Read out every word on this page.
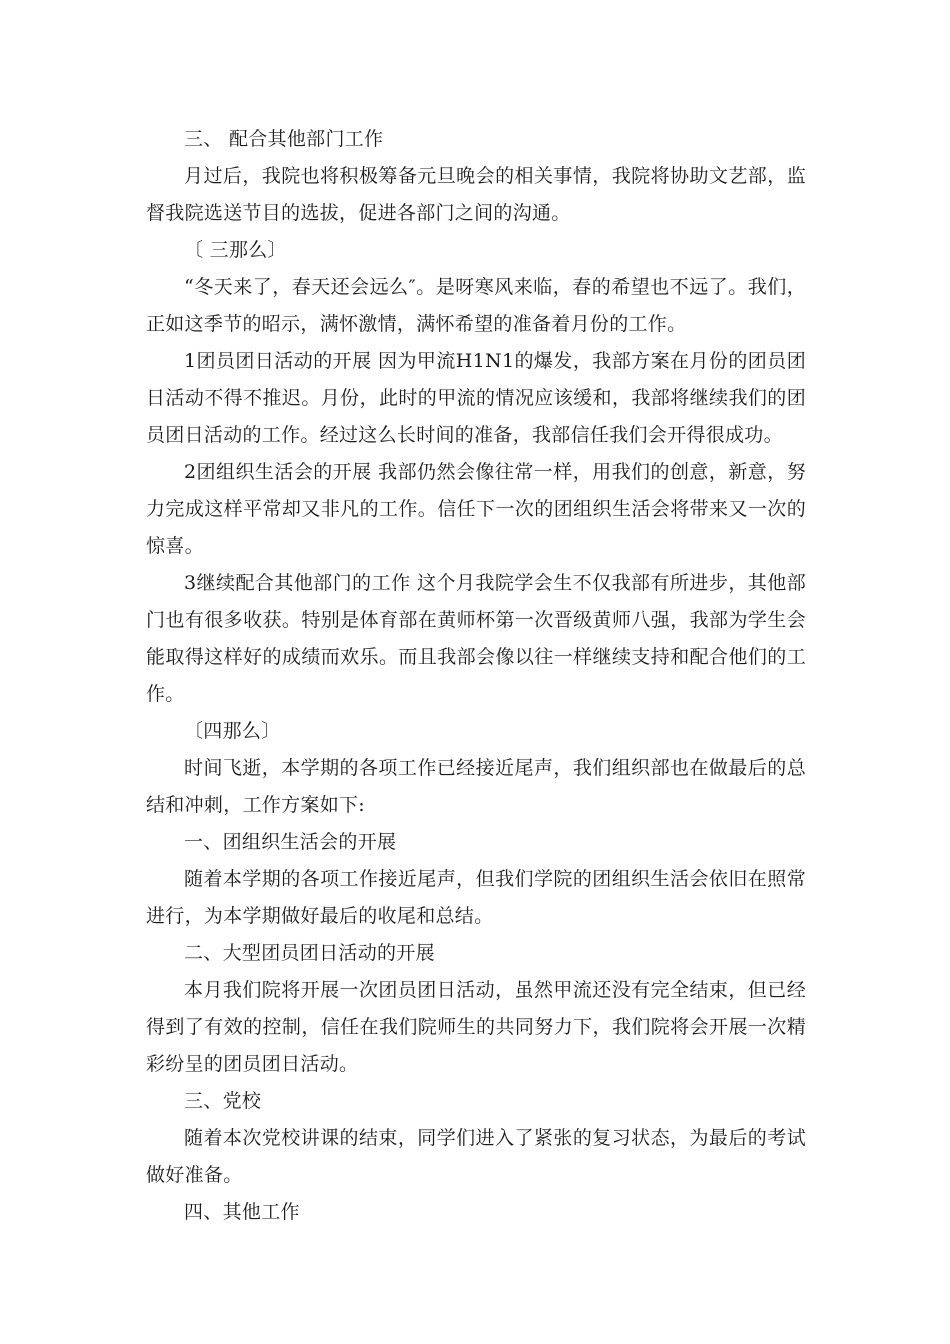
三、 配合其他部门工作

月过后，我院也将积极筹备元旦晚会的相关事情，我院将协助文艺部，监督我院选送节目的选拔，促进各部门之间的沟通。

〔 三那么〕

“冬天来了，春天还会远么″。是呀寒风来临，春的希望也不远了。我们，正如这季节的昭示，满怀激情，满怀希望的准备着月份的工作。

1团员团日活动的开展 因为甲流H1N1的爆发，我部方案在月份的团员团日活动不得不推迟。月份，此时的甲流的情况应该缓和，我部将继续我们的团员团日活动的工作。经过这么长时间的准备，我部信任我们会开得很成功。

2团组织生活会的开展 我部仍然会像往常一样，用我们的创意，新意，努力完成这样平常却又非凡的工作。信任下一次的团组织生活会将带来又一次的惊喜。

3继续配合其他部门的工作 这个月我院学会生不仅我部有所进步，其他部门也有很多收获。特别是体育部在黄师杯第一次晋级黄师八强，我部为学生会能取得这样好的成绩而欢乐。而且我部会像以往一样继续支持和配合他们的工作。

〔四那么〕

时间飞逝，本学期的各项工作已经接近尾声，我们组织部也在做最后的总结和冲刺，工作方案如下:

一、团组织生活会的开展

随着本学期的各项工作接近尾声，但我们学院的团组织生活会依旧在照常进行，为本学期做好最后的收尾和总结。

二、大型团员团日活动的开展

本月我们院将开展一次团员团日活动，虽然甲流还没有完全结束，但已经得到了有效的控制，信任在我们院师生的共同努力下，我们院将会开展一次精彩纷呈的团员团日活动。

三、党校

随着本次党校讲课的结束，同学们进入了紧张的复习状态，为最后的考试做好准备。

四、其他工作
